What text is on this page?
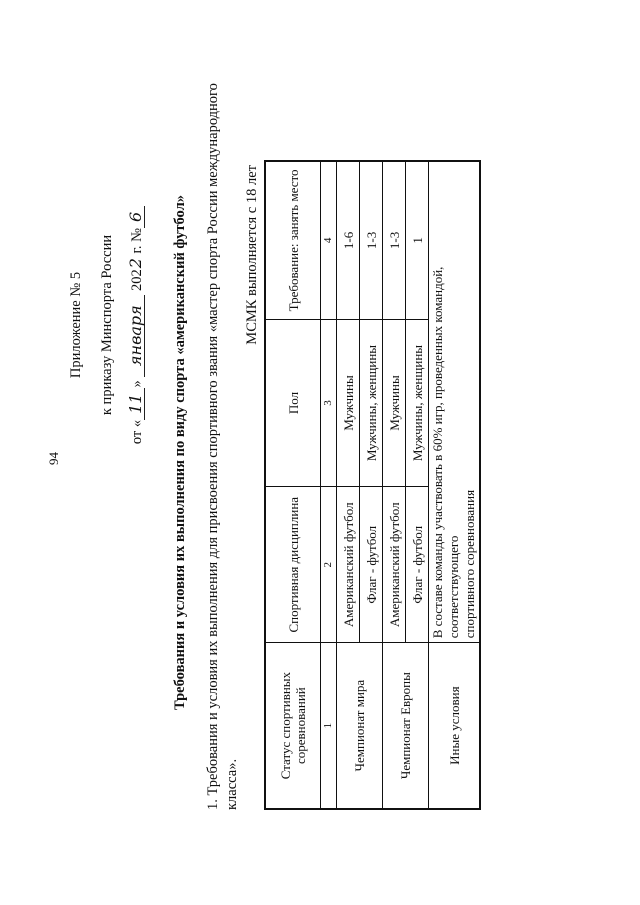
94
Приложение № 5 к приказу Минспорта России
от «11» января 2022 г. №6 Требования и условия их выполнения по виду спорта «американский футбол» 1. Требования и условия их выполнения для присвоения спортивного звания «мастер спорта России международного класса».
МСМК выполняется с 18 лет
Статус спортивных соревнований	Спортивная дисциплина	Пол	Требование: занять место
1	2	3	4
Чемпионат мира	Американский футбол	Мужчины	1-6
	Флаг - футбол	Мужчины, женщины	1-3
Чемпионат Европы	Американский футбол	Мужчины	1-3
	Флаг - футбол	Мужчины, женщины	1
Иные условия	В составе команды участвовать в 60% игр, проведенных командой, соответствующего
спортивного соревнования		
